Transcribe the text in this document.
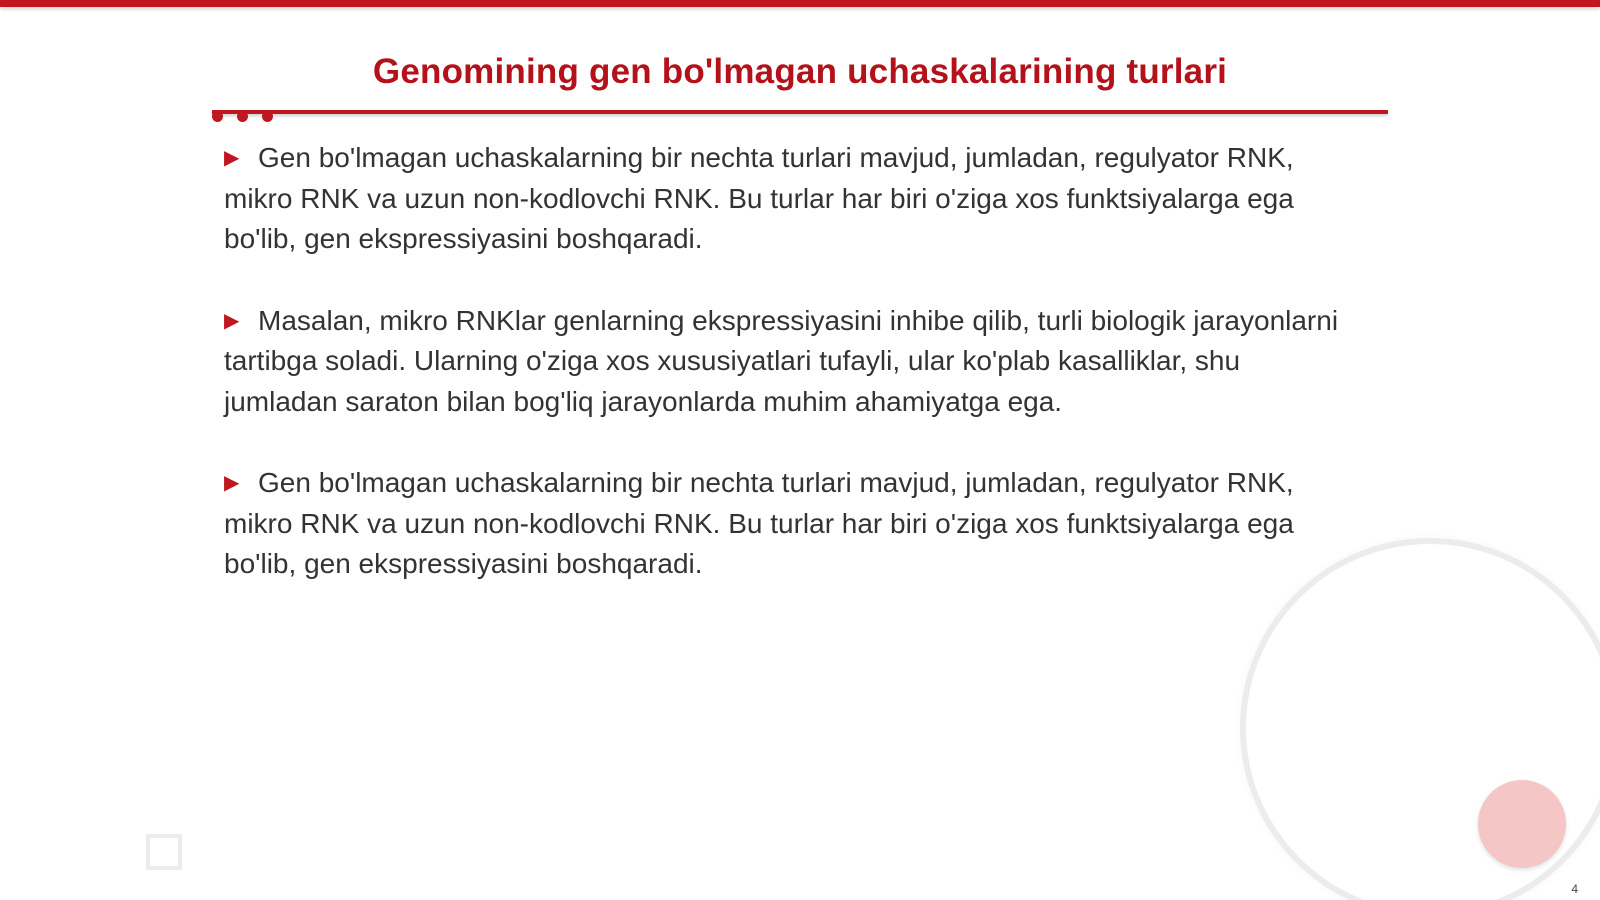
Genomining gen bo'lmagan uchaskalarining turlari

▶ Gen bo'lmagan uchaskalarning bir nechta turlari mavjud, jumladan, regulyator RNK, mikro RNK va uzun non-kodlovchi RNK. Bu turlar har biri o'ziga xos funktsiyalarga ega bo'lib, gen ekspressiyasini boshqaradi.

▶ Masalan, mikro RNKlar genlarning ekspressiyasini inhibe qilib, turli biologik jarayonlarni tartibga soladi. Ularning o'ziga xos xususiyatlari tufayli, ular ko'plab kasalliklar, shu jumladan saraton bilan bog'liq jarayonlarda muhim ahamiyatga ega.

▶ Gen bo'lmagan uchaskalarning bir nechta turlari mavjud, jumladan, regulyator RNK, mikro RNK va uzun non-kodlovchi RNK. Bu turlar har biri o'ziga xos funktsiyalarga ega bo'lib, gen ekspressiyasini boshqaradi.

4
